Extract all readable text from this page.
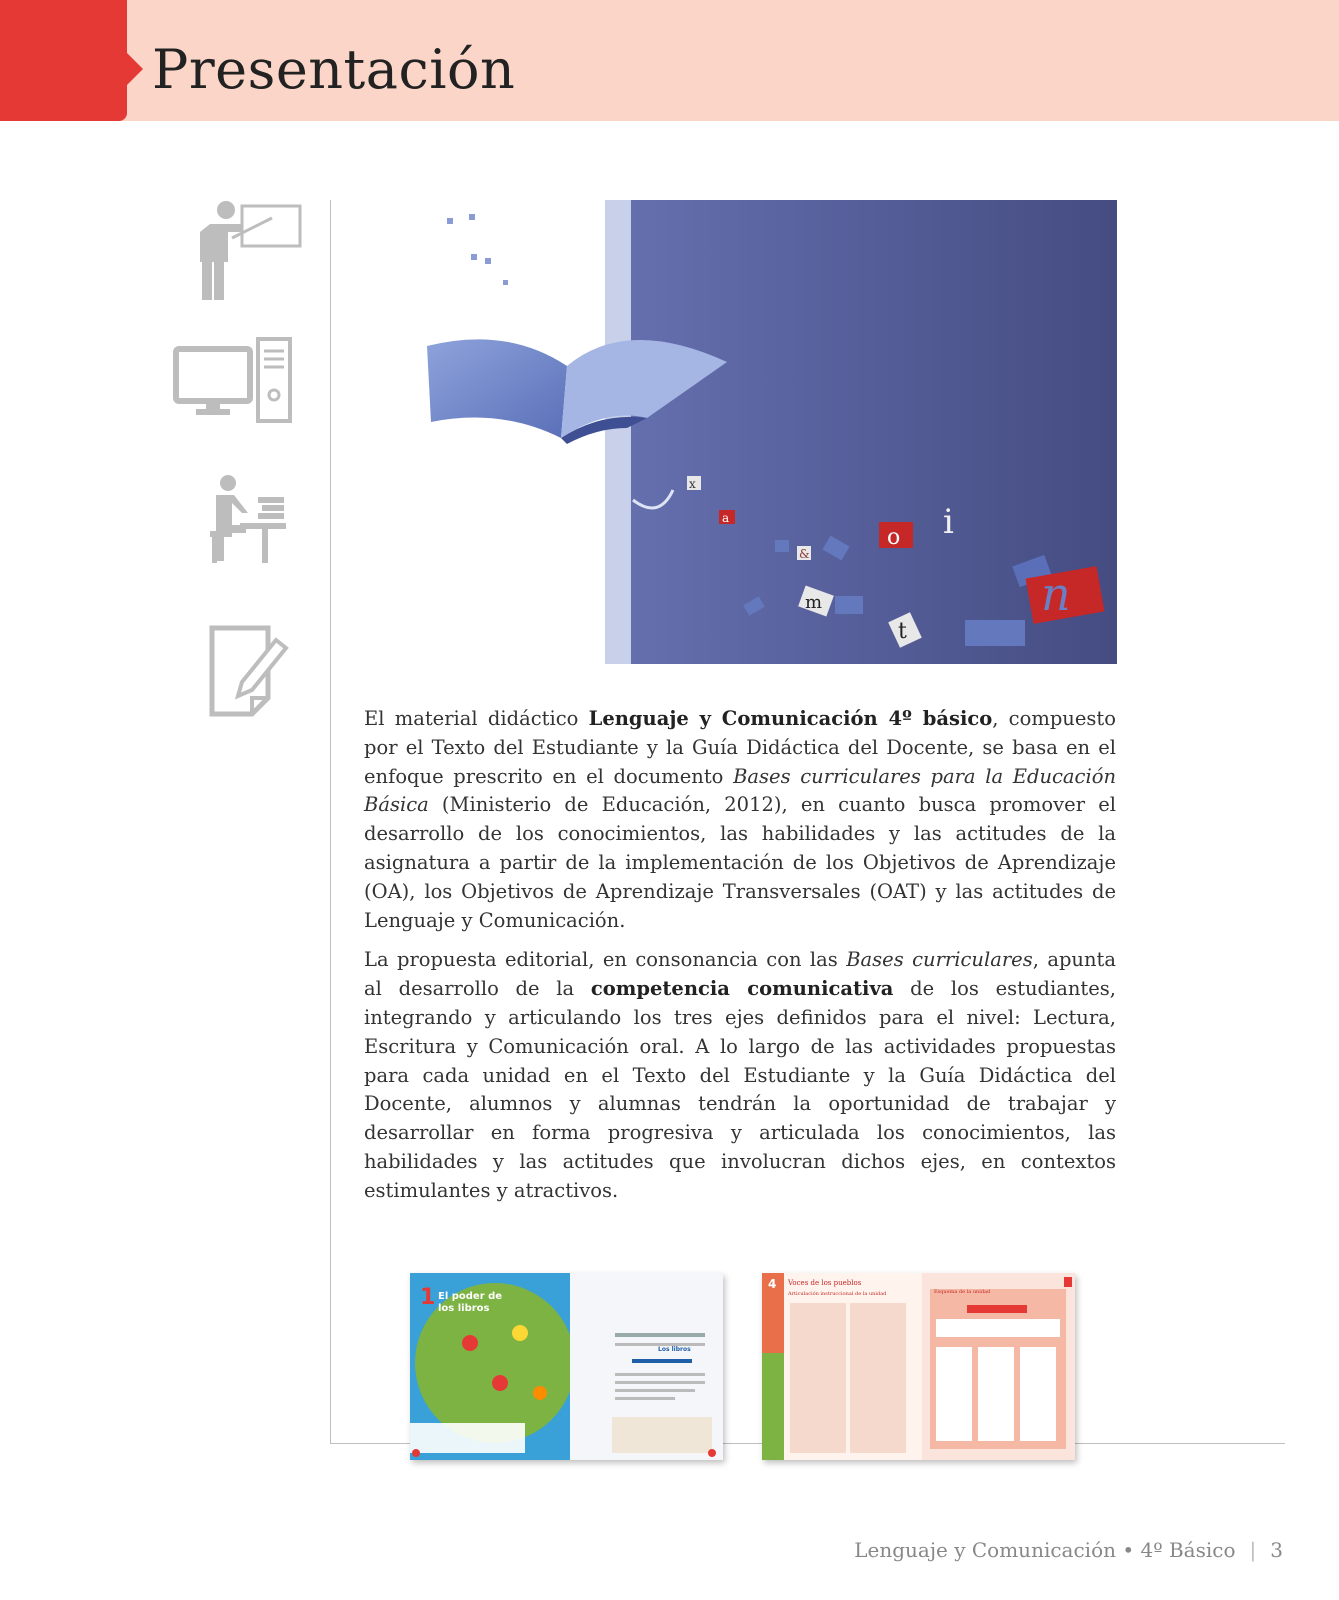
Presentación
o i
n
a
x
&
m
t

El material didáctico Lenguaje y Comunicación 4º básico, compuesto por el Texto del Estudiante y la Guía Didáctica del Docente, se basa en el enfoque prescrito en el documento Bases curriculares para la Educación Básica (Ministerio de Educación, 2012), en cuanto busca promover el desarrollo de los conocimientos, las habilidades y las actitudes de la asignatura a partir de la implementación de los Objetivos de Aprendizaje (OA), los Objetivos de Aprendizaje Transversales (OAT) y las actitudes de Lenguaje y Comunicación.

La propuesta editorial, en consonancia con las Bases curriculares, apunta al desarrollo de la competencia comunicativa de los estudiantes, integrando y articulando los tres ejes definidos para el nivel: Lectura, Escritura y Comunicación oral. A lo largo de las actividades propuestas para cada unidad en el Texto del Estudiante y la Guía Didáctica del Docente, alumnos y alumnas tendrán la oportunidad de trabajar y desarrollar en forma progresiva y articulada los conocimientos, las habilidades y las actitudes que involucran dichos ejes, en contextos estimulantes y atractivos.

1 El poder de los libros
Los libros
4 Voces de los pueblos
Articulación instruccional de la unidad	Esquema de la unidad
Lenguaje y Comunicación • 4º Básico | 3
